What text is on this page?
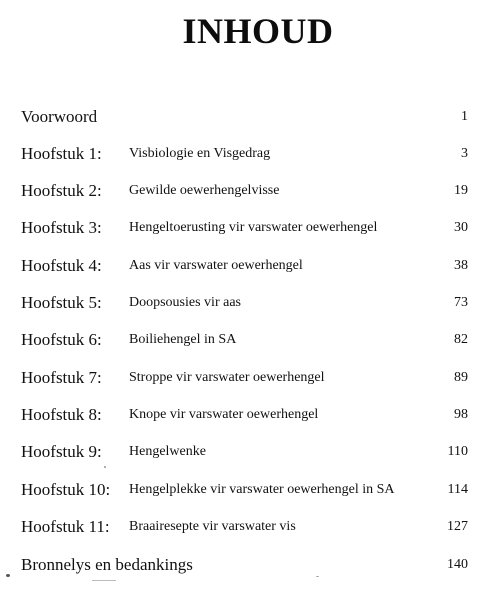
INHOUD
Voorwoord	1
Hoofstuk 1: Visbiologie en Visgedrag	3
Hoofstuk 2: Gewilde oewerhengelvisse	19
Hoofstuk 3: Hengeltoerusting vir varswater oewerhengel	30
Hoofstuk 4: Aas vir varswater oewerhengel	38
Hoofstuk 5: Doopsousies vir aas	73
Hoofstuk 6: Boiliehengel in SA	82
Hoofstuk 7: Stroppe vir varswater oewerhengel	89
Hoofstuk 8: Knope vir varswater oewerhengel	98
Hoofstuk 9: Hengelwenke	110
Hoofstuk 10: Hengelplekke vir varswater oewerhengel in SA	114
Hoofstuk 11: Braairesepte vir varswater vis	127
Bronnelys en bedankings	140
